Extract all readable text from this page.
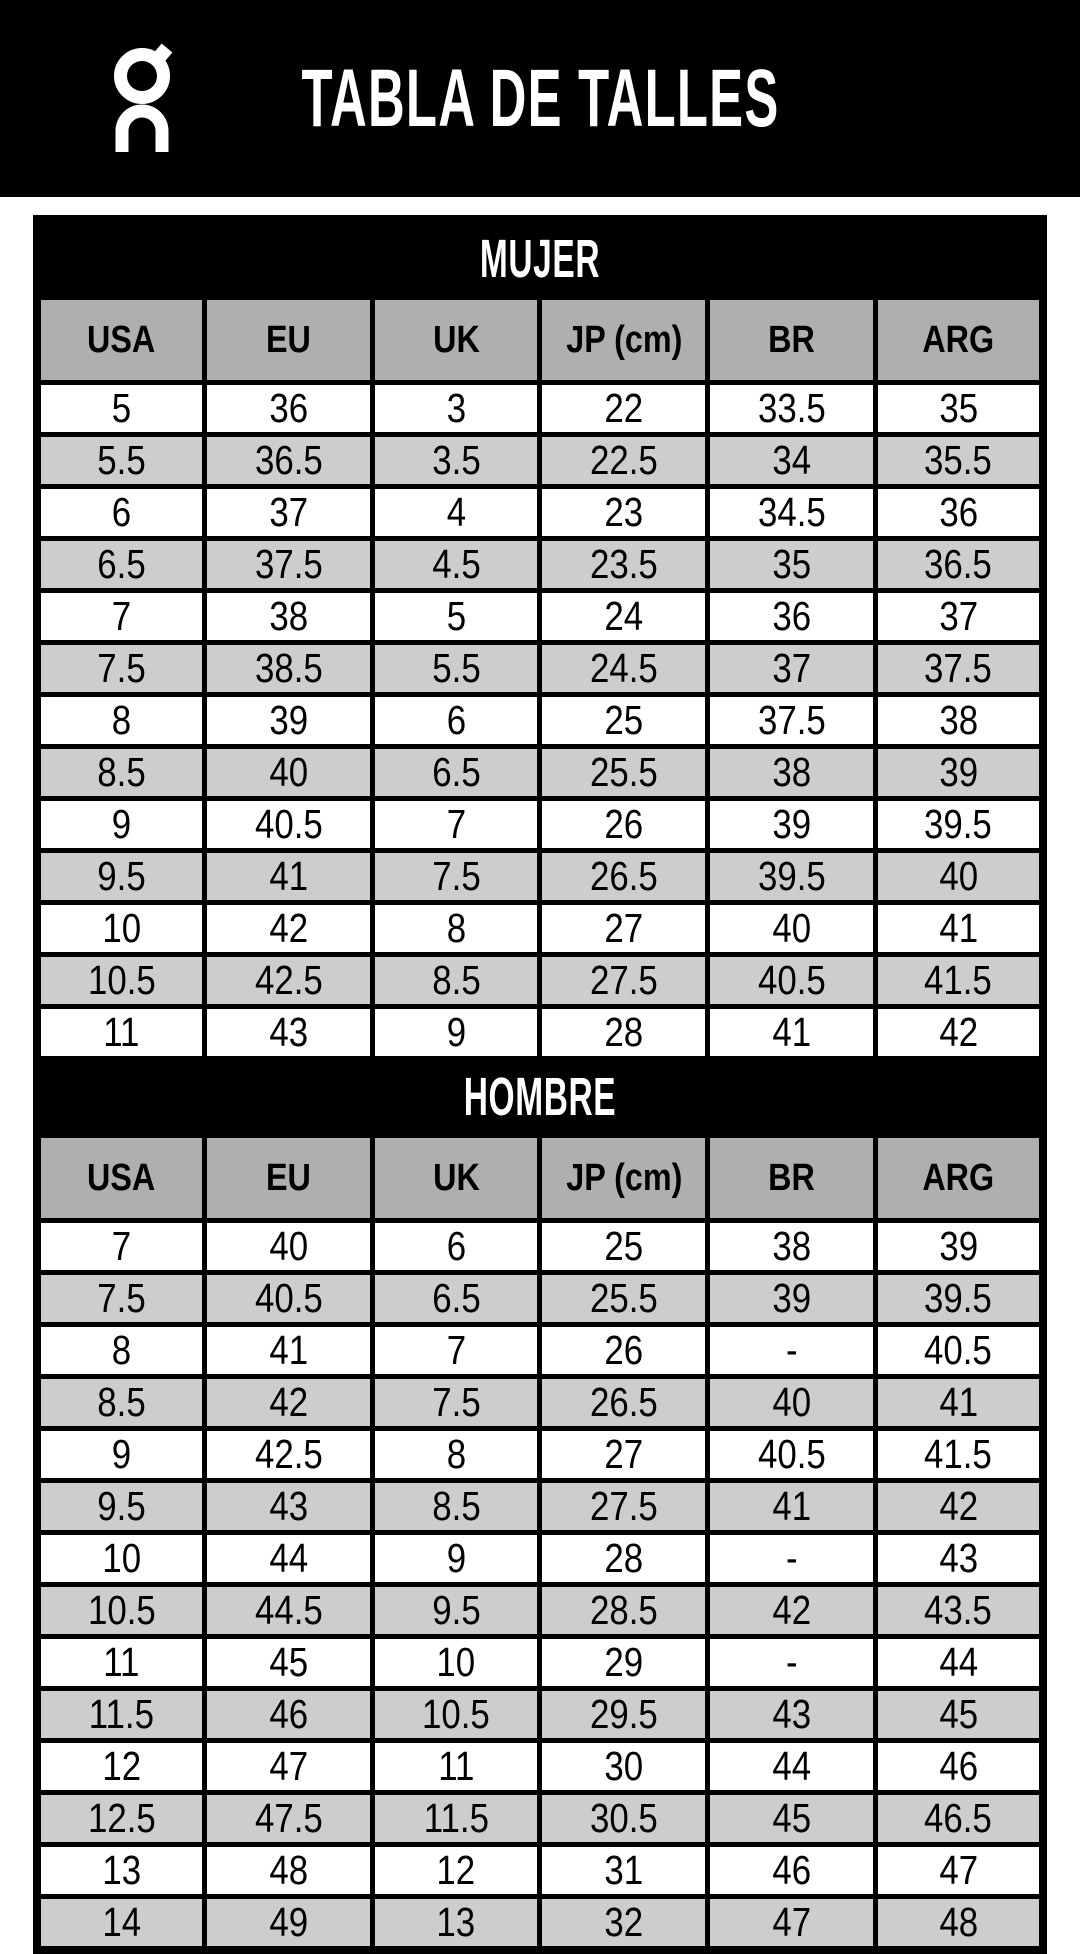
TABLA DE TALLES
MUJER					
USA	EU	UK	JP (cm)	BR	ARG
5	36	3	22	33.5	35
5.5	36.5	3.5	22.5	34	35.5
6	37	4	23	34.5	36
6.5	37.5	4.5	23.5	35	36.5
7	38	5	24	36	37
7.5	38.5	5.5	24.5	37	37.5
8	39	6	25	37.5	38
8.5	40	6.5	25.5	38	39
9	40.5	7	26	39	39.5
9.5	41	7.5	26.5	39.5	40
10	42	8	27	40	41
10.5	42.5	8.5	27.5	40.5	41.5
11	43	9	28	41	42
HOMBRE					
USA	EU	UK	JP (cm)	BR	ARG
7	40	6	25	38	39
7.5	40.5	6.5	25.5	39	39.5
8	41	7	26	-	40.5
8.5	42	7.5	26.5	40	41
9	42.5	8	27	40.5	41.5
9.5	43	8.5	27.5	41	42
10	44	9	28	-	43
10.5	44.5	9.5	28.5	42	43.5
11	45	10	29	-	44
11.5	46	10.5	29.5	43	45
12	47	11	30	44	46
12.5	47.5	11.5	30.5	45	46.5
13	48	12	31	46	47
14	49	13	32	47	48
